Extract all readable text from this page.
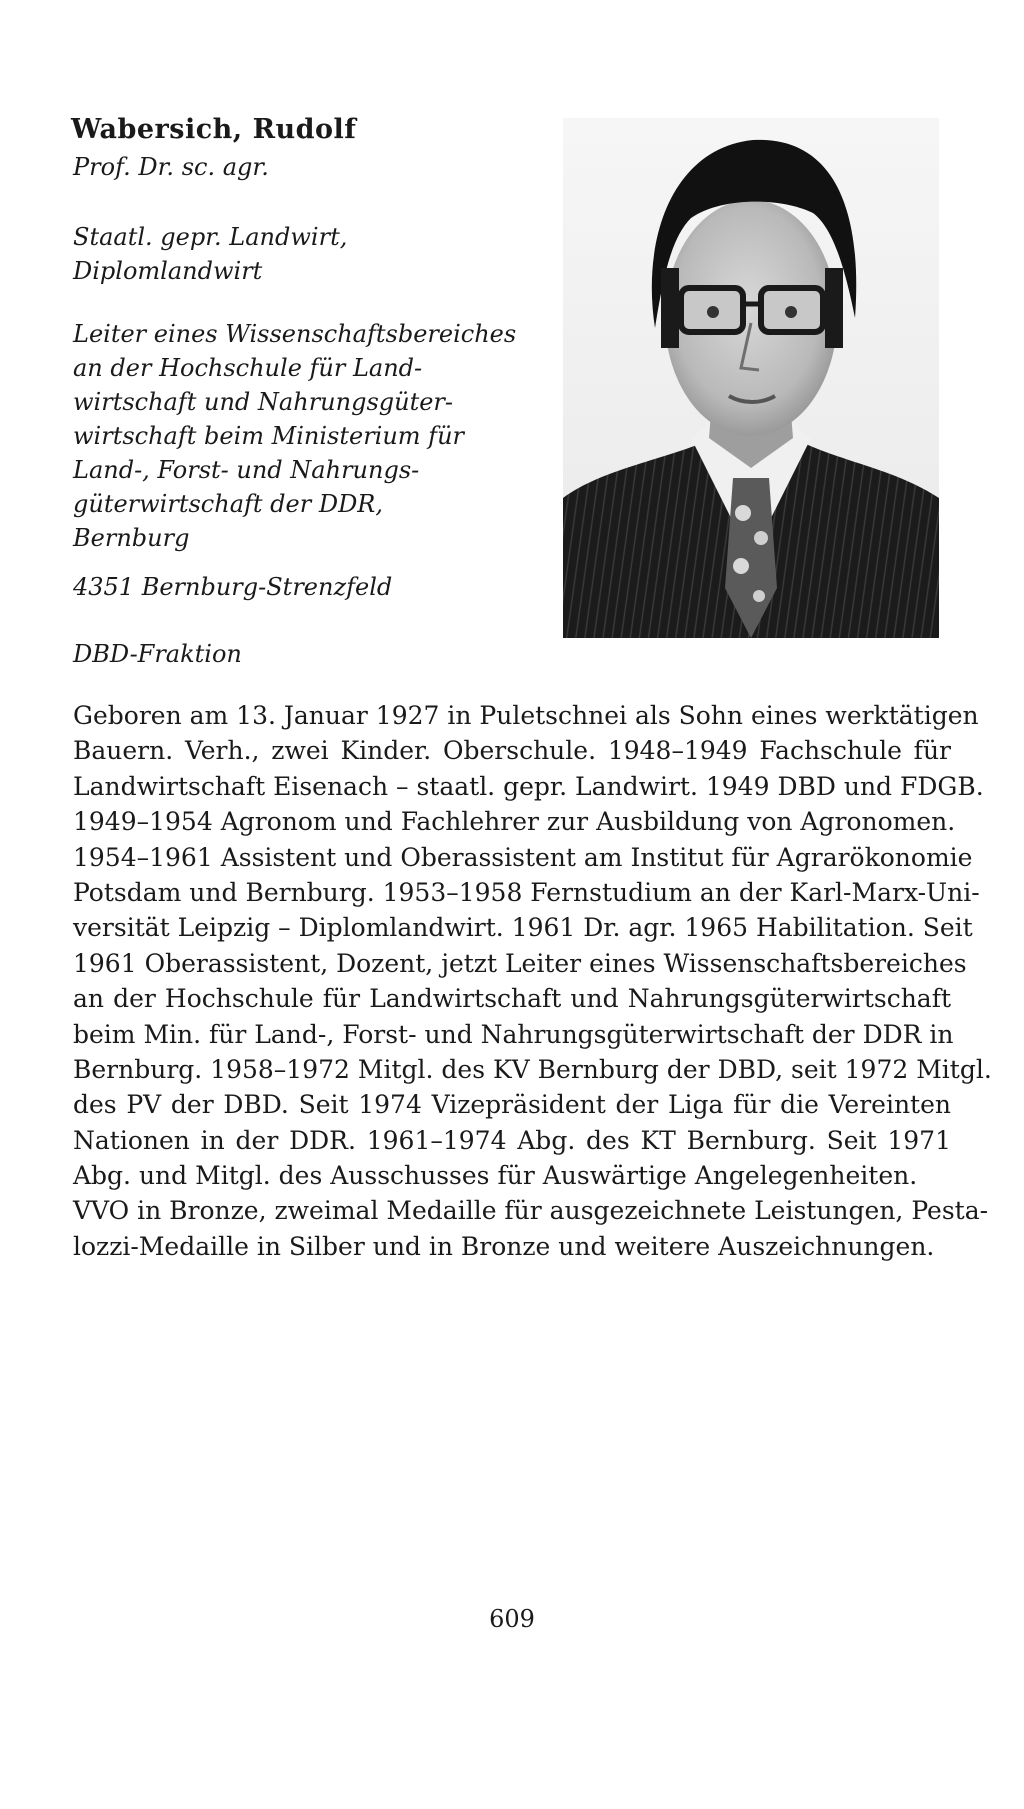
Wabersich, Rudolf
Prof. Dr. sc. agr.
Staatl. gepr. Landwirt,
Diplomlandwirt
Leiter eines Wissenschaftsbereiches
an der Hochschule für Land-
wirtschaft und Nahrungsgüter-
wirtschaft beim Ministerium für
Land-, Forst- und Nahrungs-
güterwirtschaft der DDR,
Bernburg
4351 Bernburg-Strenzfeld
DBD-Fraktion
Geboren am 13. Januar 1927 in Puletschnei als Sohn eines werktätigen
Bauern. Verh., zwei Kinder. Oberschule. 1948–1949 Fachschule für
Landwirtschaft Eisenach – staatl. gepr. Landwirt. 1949 DBD und FDGB.
1949–1954 Agronom und Fachlehrer zur Ausbildung von Agronomen.
1954–1961 Assistent und Oberassistent am Institut für Agrarökonomie
Potsdam und Bernburg. 1953–1958 Fernstudium an der Karl-Marx-Uni-
versität Leipzig – Diplomlandwirt. 1961 Dr. agr. 1965 Habilitation. Seit
1961 Oberassistent, Dozent, jetzt Leiter eines Wissenschaftsbereiches
an der Hochschule für Landwirtschaft und Nahrungsgüterwirtschaft
beim Min. für Land-, Forst- und Nahrungsgüterwirtschaft der DDR in
Bernburg. 1958–1972 Mitgl. des KV Bernburg der DBD, seit 1972 Mitgl.
des PV der DBD. Seit 1974 Vizepräsident der Liga für die Vereinten
Nationen in der DDR. 1961–1974 Abg. des KT Bernburg. Seit 1971
Abg. und Mitgl. des Ausschusses für Auswärtige Angelegenheiten.
VVO in Bronze, zweimal Medaille für ausgezeichnete Leistungen, Pesta-
lozzi-Medaille in Silber und in Bronze und weitere Auszeichnungen.
609
